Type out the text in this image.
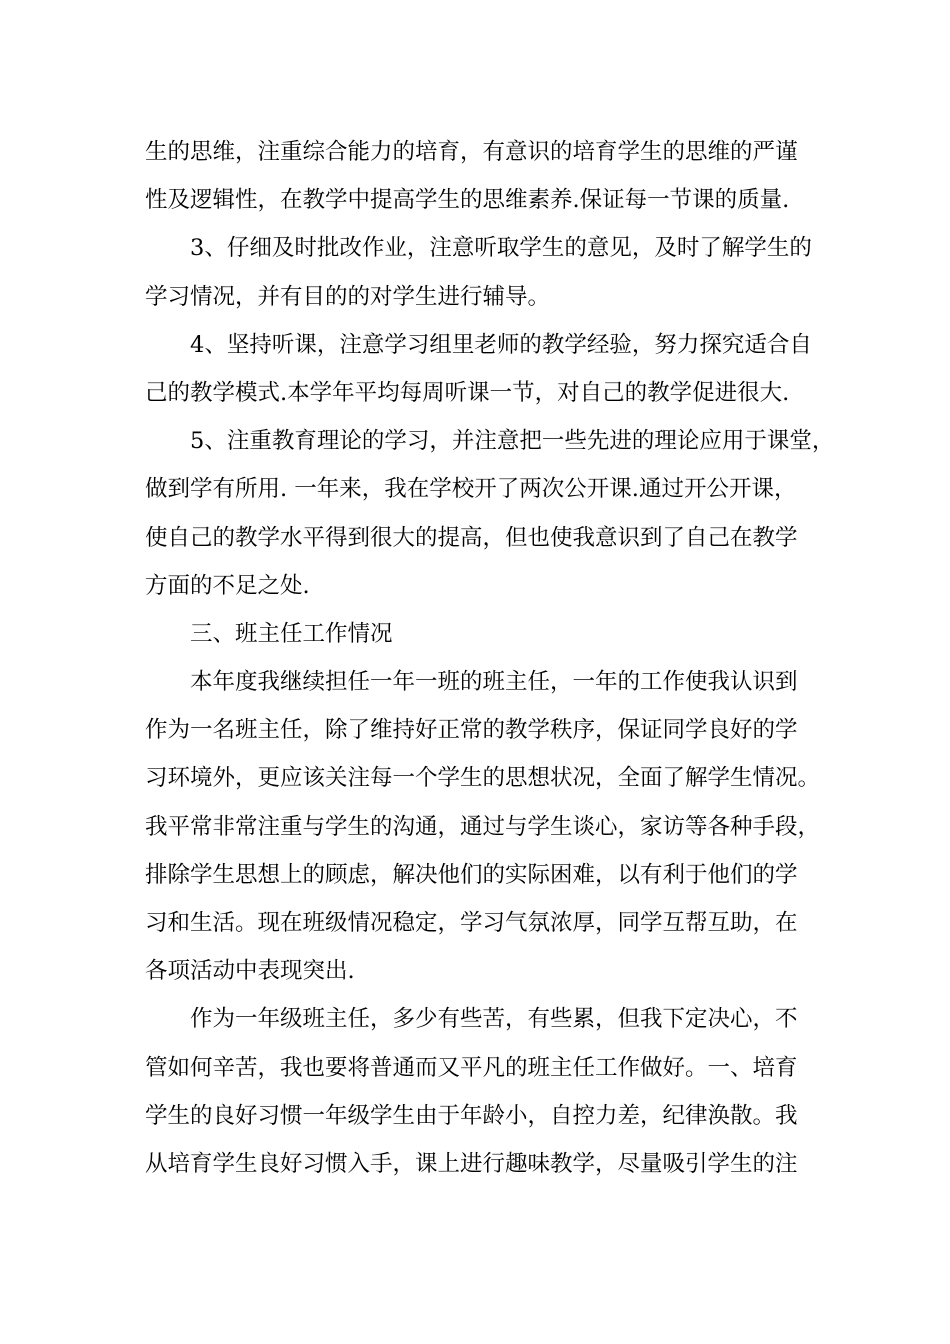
生的思维，注重综合能力的培育，有意识的培育学生的思维的严谨
性及逻辑性，在教学中提高学生的思维素养.保证每一节课的质量.
3、仔细及时批改作业，注意听取学生的意见，及时了解学生的
学习情况，并有目的的对学生进行辅导。
4、坚持听课，注意学习组里老师的教学经验，努力探究适合自
己的教学模式.本学年平均每周听课一节，对自己的教学促进很大.
5、注重教育理论的学习，并注意把一些先进的理论应用于课堂，
做到学有所用. 一年来，我在学校开了两次公开课.通过开公开课，
使自己的教学水平得到很大的提高，但也使我意识到了自己在教学
方面的不足之处.
三、班主任工作情况
本年度我继续担任一年一班的班主任，一年的工作使我认识到
作为一名班主任，除了维持好正常的教学秩序，保证同学良好的学
习环境外，更应该关注每一个学生的思想状况，全面了解学生情况。
我平常非常注重与学生的沟通，通过与学生谈心，家访等各种手段，
排除学生思想上的顾虑，解决他们的实际困难，以有利于他们的学
习和生活。现在班级情况稳定，学习气氛浓厚，同学互帮互助，在
各项活动中表现突出.
作为一年级班主任，多少有些苦，有些累，但我下定决心，不
管如何辛苦，我也要将普通而又平凡的班主任工作做好。一、培育
学生的良好习惯一年级学生由于年龄小，自控力差，纪律涣散。我
从培育学生良好习惯入手，课上进行趣味教学，尽量吸引学生的注
